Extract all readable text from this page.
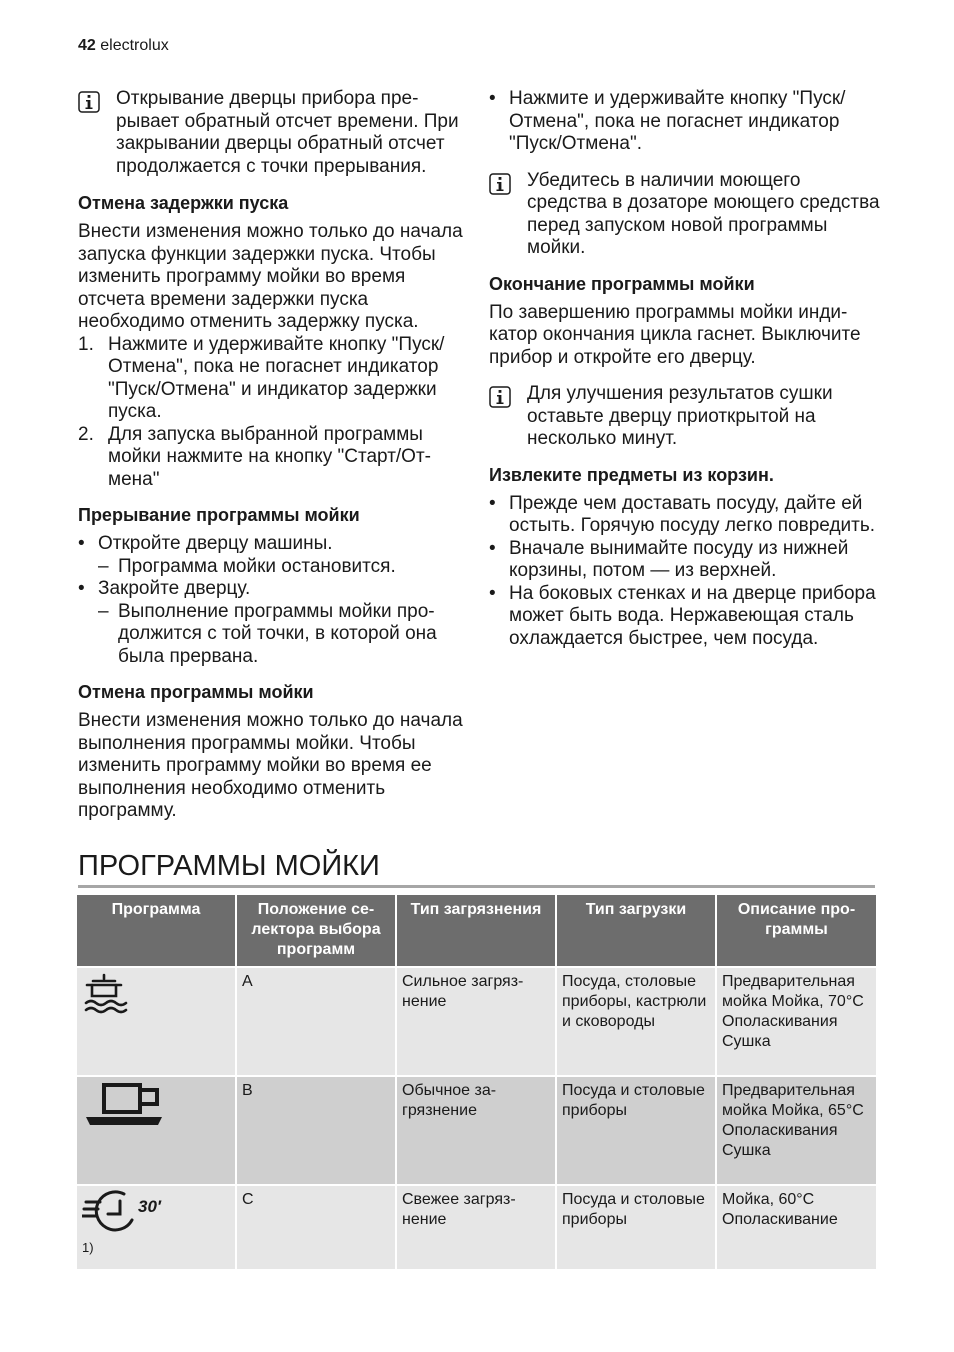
42 electrolux
Открывание дверцы прибора прерывает обратный отсчет времени. При закрывании дверцы обратный отсчет продолжается с точки прерывания.
Отмена задержки пуска

Внести изменения можно только до начала запуска функции задержки пуска. Чтобы изменить программу мойки во время отсчета времени задержки пуска необходимо отменить задержку пуска.

1. Нажмите и удерживайте кнопку "Пуск/Отмена", пока не погаснет индикатор "Пуск/Отмена" и индикатор задержки пуска.
2. Для запуска выбранной программы мойки нажмите на кнопку "Старт/Отмена"
Прерывание программы мойки
• Откройте дверцу машины.
– Программа мойки остановится.
• Закройте дверцу.
– Выполнение программы мойки продолжится с той точки, в которой она была прервана.
Отмена программы мойки

Внести изменения можно только до начала выполнения программы мойки. Чтобы изменить программу мойки во время ее выполнения необходимо отменить программу.

• Нажмите и удерживайте кнопку "Пуск/Отмена", пока не погаснет индикатор "Пуск/Отмена".
Убедитесь в наличии моющего средства в дозаторе моющего средства перед запуском новой программы мойки.
Окончание программы мойки

По завершению программы мойки индикатор окончания цикла гаснет. Выключите прибор и откройте его дверцу.

Для улучшения результатов сушки оставьте дверцу приоткрытой на несколько минут.
Извлеките предметы из корзин.
• Прежде чем доставать посуду, дайте ей остыть. Горячую посуду легко повредить.
• Вначале вынимайте посуду из нижней корзины, потом — из верхней.
• На боковых стенках и на дверце прибора может быть вода. Нержавеющая сталь охлаждается быстрее, чем посуда.
ПРОГРАММЫ МОЙКИ
Программа	Положение селектора выбора программ	Тип загрязнения	Тип загрузки	Описание программы

	A	Сильное загрязнение	Посуда, столовые приборы, кастрюли и сковороды	Предварительная мойка Мойка, 70°C Ополаскивания Сушка

	B	Обычное загрязнение	Посуда и столовые приборы	Предварительная мойка Мойка, 65°C Ополаскивания Сушка

30′
1)	C	Свежее загрязнение	Посуда и столовые приборы	Мойка, 60°C Ополаскивание
